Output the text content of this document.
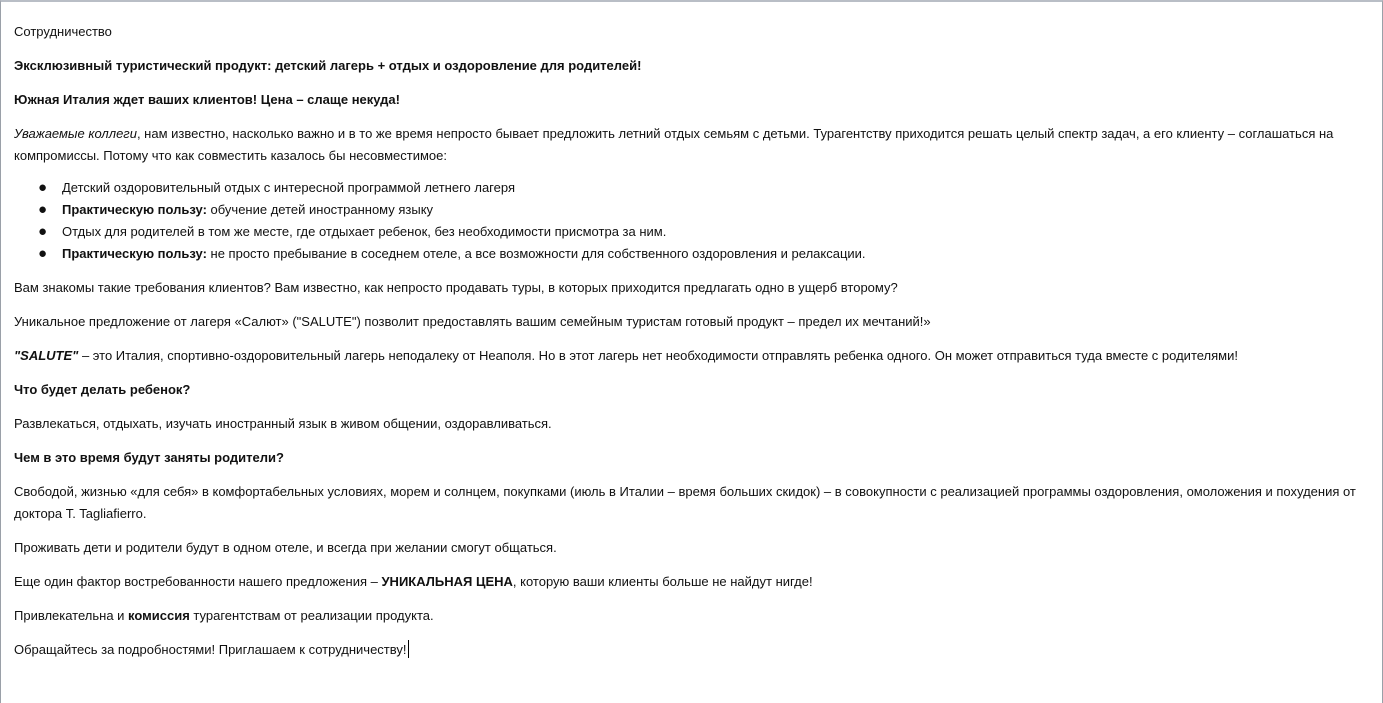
Сотрудничество

Эксклюзивный туристический продукт: детский лагерь + отдых и оздоровление для родителей!

Южная Италия ждет ваших клиентов! Цена – слаще некуда!

Уважаемые коллеги, нам известно, насколько важно и в то же время непросто бывает предложить летний отдых семьям с детьми. Турагентству приходится решать целый спектр задач, а его клиенту – соглашаться на компромиссы. Потому что как совместить казалось бы несовместимое:

● Детский оздоровительный отдых с интересной программой летнего лагеря
● Практическую пользу: обучение детей иностранному языку
● Отдых для родителей в том же месте, где отдыхает ребенок, без необходимости присмотра за ним.
● Практическую пользу: не просто пребывание в соседнем отеле, а все возможности для собственного оздоровления и релаксации.

Вам знакомы такие требования клиентов? Вам известно, как непросто продавать туры, в которых приходится предлагать одно в ущерб второму?

Уникальное предложение от лагеря «Салют» ("SALUTE") позволит предоставлять вашим семейным туристам готовый продукт – предел их мечтаний!»

"SALUTE" – это Италия, спортивно-оздоровительный лагерь неподалеку от Неаполя. Но в этот лагерь нет необходимости отправлять ребенка одного. Он может отправиться туда вместе с родителями!

Что будет делать ребенок?

Развлекаться, отдыхать, изучать иностранный язык в живом общении, оздоравливаться.

Чем в это время будут заняты родители?

Свободой, жизнью «для себя» в комфортабельных условиях, морем и солнцем, покупками (июль в Италии – время больших скидок) – в совокупности с реализацией программы оздоровления, омоложения и похудения от доктора T. Tagliafierro.

Проживать дети и родители будут в одном отеле, и всегда при желании смогут общаться.

Еще один фактор востребованности нашего предложения – УНИКАЛЬНАЯ ЦЕНА, которую ваши клиенты больше не найдут нигде!

Привлекательна и комиссия турагентствам от реализации продукта.

Обращайтесь за подробностями! Приглашаем к сотрудничеству!
